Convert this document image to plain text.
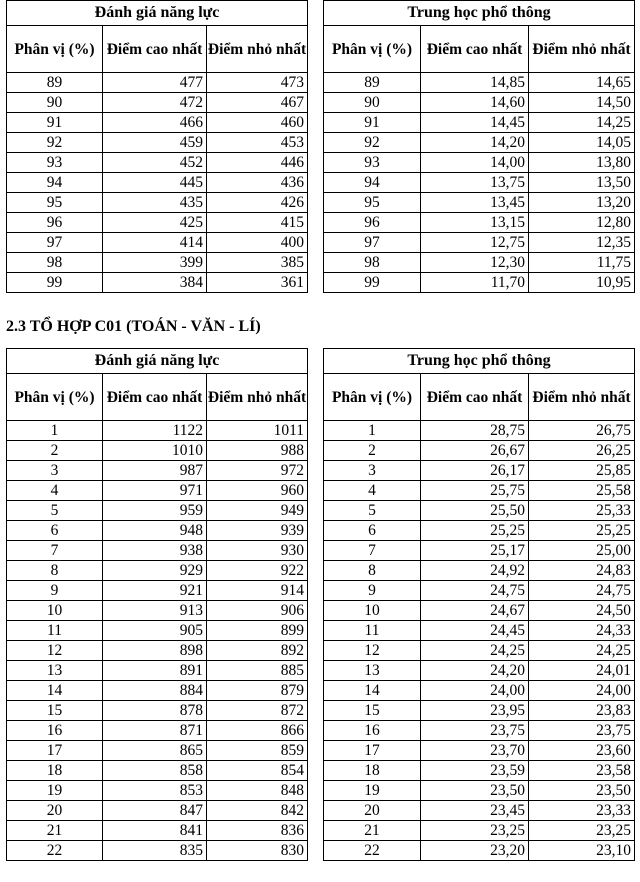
Đánh giá năng lực		
Phân vị (%)	Điểm cao nhất	Điểm nhỏ nhất
89	477	473
90	472	467
91	466	460
92	459	453
93	452	446
94	445	436
95	435	426
96	425	415
97	414	400
98	399	385
99	384	361
Trung học phổ thông		
Phân vị (%)	Điểm cao nhất	Điểm nhỏ nhất
89	14,85	14,65
90	14,60	14,50
91	14,45	14,25
92	14,20	14,05
93	14,00	13,80
94	13,75	13,50
95	13,45	13,20
96	13,15	12,80
97	12,75	12,35
98	12,30	11,75
99	11,70	10,95
2.3 TỔ HỢP C01 (TOÁN - VĂN - LÍ)
Đánh giá năng lực		
Phân vị (%)	Điểm cao nhất	Điểm nhỏ nhất
1	1122	1011
2	1010	988
3	987	972
4	971	960
5	959	949
6	948	939
7	938	930
8	929	922
9	921	914
10	913	906
11	905	899
12	898	892
13	891	885
14	884	879
15	878	872
16	871	866
17	865	859
18	858	854
19	853	848
20	847	842
21	841	836
22	835	830
Trung học phổ thông		
Phân vị (%)	Điểm cao nhất	Điểm nhỏ nhất
1	28,75	26,75
2	26,67	26,25
3	26,17	25,85
4	25,75	25,58
5	25,50	25,33
6	25,25	25,25
7	25,17	25,00
8	24,92	24,83
9	24,75	24,75
10	24,67	24,50
11	24,45	24,33
12	24,25	24,25
13	24,20	24,01
14	24,00	24,00
15	23,95	23,83
16	23,75	23,75
17	23,70	23,60
18	23,59	23,58
19	23,50	23,50
20	23,45	23,33
21	23,25	23,25
22	23,20	23,10
